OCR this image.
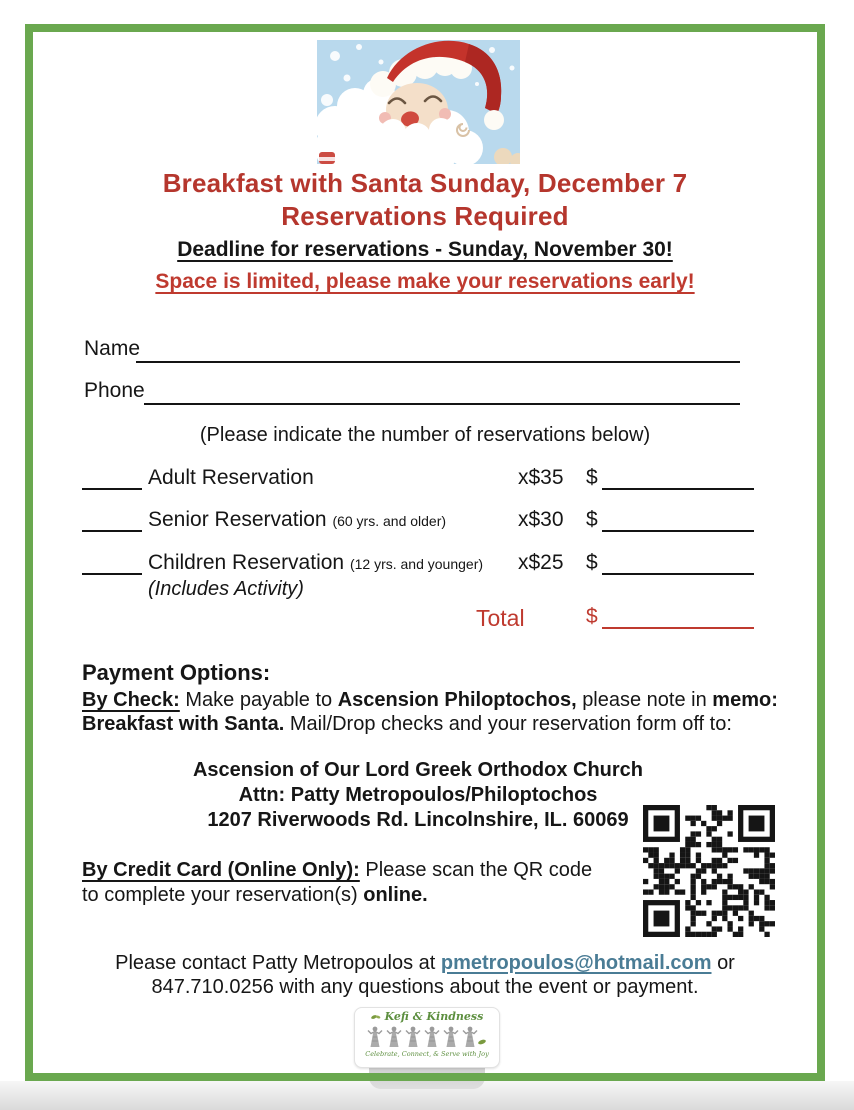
Breakfast with Santa Sunday, December 7
Reservations Required
Deadline for reservations - Sunday, November 30!
Space is limited, please make your reservations early!
Name
Phone
(Please indicate the number of reservations below)
Adult Reservation	x$35 $
Senior Reservation (60 yrs. and older)	x$30 $
Children Reservation (12 yrs. and younger) x$25 $
(Includes Activity)
Total	$
Payment Options:
By Check: Make payable to Ascension Philoptochos, please note in memo:
Breakfast with Santa. Mail/Drop checks and your reservation form off to:
Ascension of Our Lord Greek Orthodox Church
Attn: Patty Metropoulos/Philoptochos
1207 Riverwoods Rd. Lincolnshire, IL. 60069
By Credit Card (Online Only): Please scan the QR code
to complete your reservation(s) online.
Please contact Patty Metropoulos at pmetropoulos@hotmail.com or
847.710.0256 with any questions about the event or payment.
Kefi & Kindness
Celebrate, Connect, & Serve with Joy
